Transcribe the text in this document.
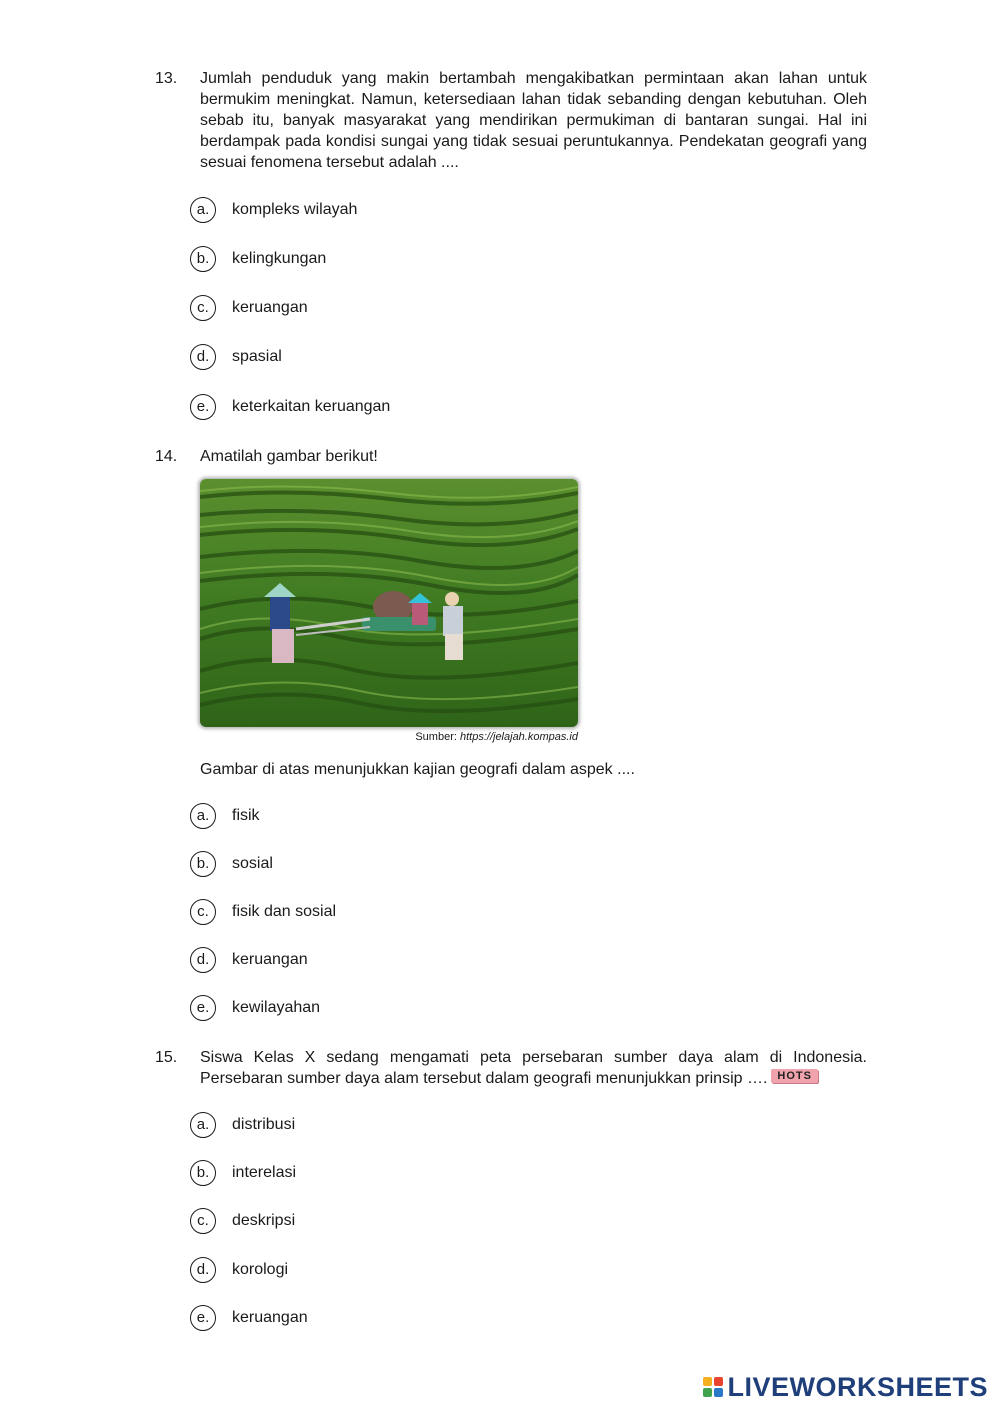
13.	Jumlah penduduk yang makin bertambah mengakibatkan permintaan akan lahan untuk bermukim meningkat. Namun, ketersediaan lahan tidak sebanding dengan kebutuhan. Oleh sebab itu, banyak masyarakat yang mendirikan permukiman di bantaran sungai. Hal ini berdampak pada kondisi sungai yang tidak sesuai peruntukannya. Pendekatan geografi yang sesuai fenomena tersebut adalah ....
a.	kompleks wilayah
b.	kelingkungan
c.	keruangan
d.	spasial
e.	keterkaitan keruangan
14.	Amatilah gambar berikut!
Sumber: https://jelajah.kompas.id
Gambar di atas menunjukkan kajian geografi dalam aspek ....
a.	fisik
b.	sosial
c.	fisik dan sosial
d.	keruangan
e.	kewilayahan
15.	Siswa Kelas X sedang mengamati peta persebaran sumber daya alam di Indonesia. Persebaran sumber daya alam tersebut dalam geografi menunjukkan prinsip …. HOTS
a.	distribusi
b.	interelasi
c.	deskripsi
d.	korologi
e.	keruangan
LIVEWORKSHEETS
